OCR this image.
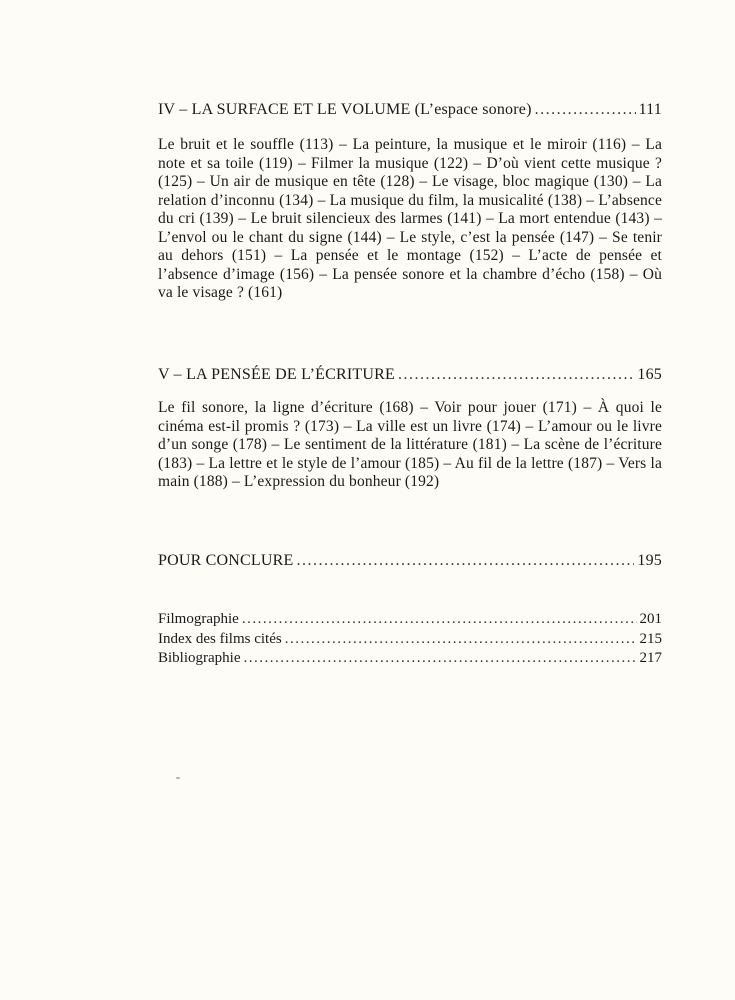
IV – LA SURFACE ET LE VOLUME (L’espace sonore) .....	111

Le bruit et le souffle (113) – La peinture, la musique et le miroir (116) – La note et sa toile (119) – Filmer la musique (122) – D’où vient cette musique ? (125) – Un air de musique en tête (128) – Le visage, bloc magique (130) – La relation d’inconnu (134) – La musique du film, la musicalité (138) – L’absence du cri (139) – Le bruit silencieux des larmes (141) – La mort entendue (143) – L’envol ou le chant du signe (144) – Le style, c’est la pensée (147) – Se tenir au dehors (151) – La pensée et le montage (152) – L’acte de pensée et l’absence d’image (156) – La pensée sonore et la chambre d’écho (158) – Où va le visage ? (161)

V – LA PENSÉE DE L’ÉCRITURE .....	165

Le fil sonore, la ligne d’écriture (168) – Voir pour jouer (171) – À quoi le cinéma est-il promis ? (173) – La ville est un livre (174) – L’amour ou le livre d’un songe (178) – Le sentiment de la littérature (181) – La scène de l’écriture (183) – La lettre et le style de l’amour (185) – Au fil de la lettre (187) – Vers la main (188) – L’expression du bonheur (192)

POUR CONCLURE .....	195
Filmographie .....	201
Index des films cités .....	215
Bibliographie .....	217
